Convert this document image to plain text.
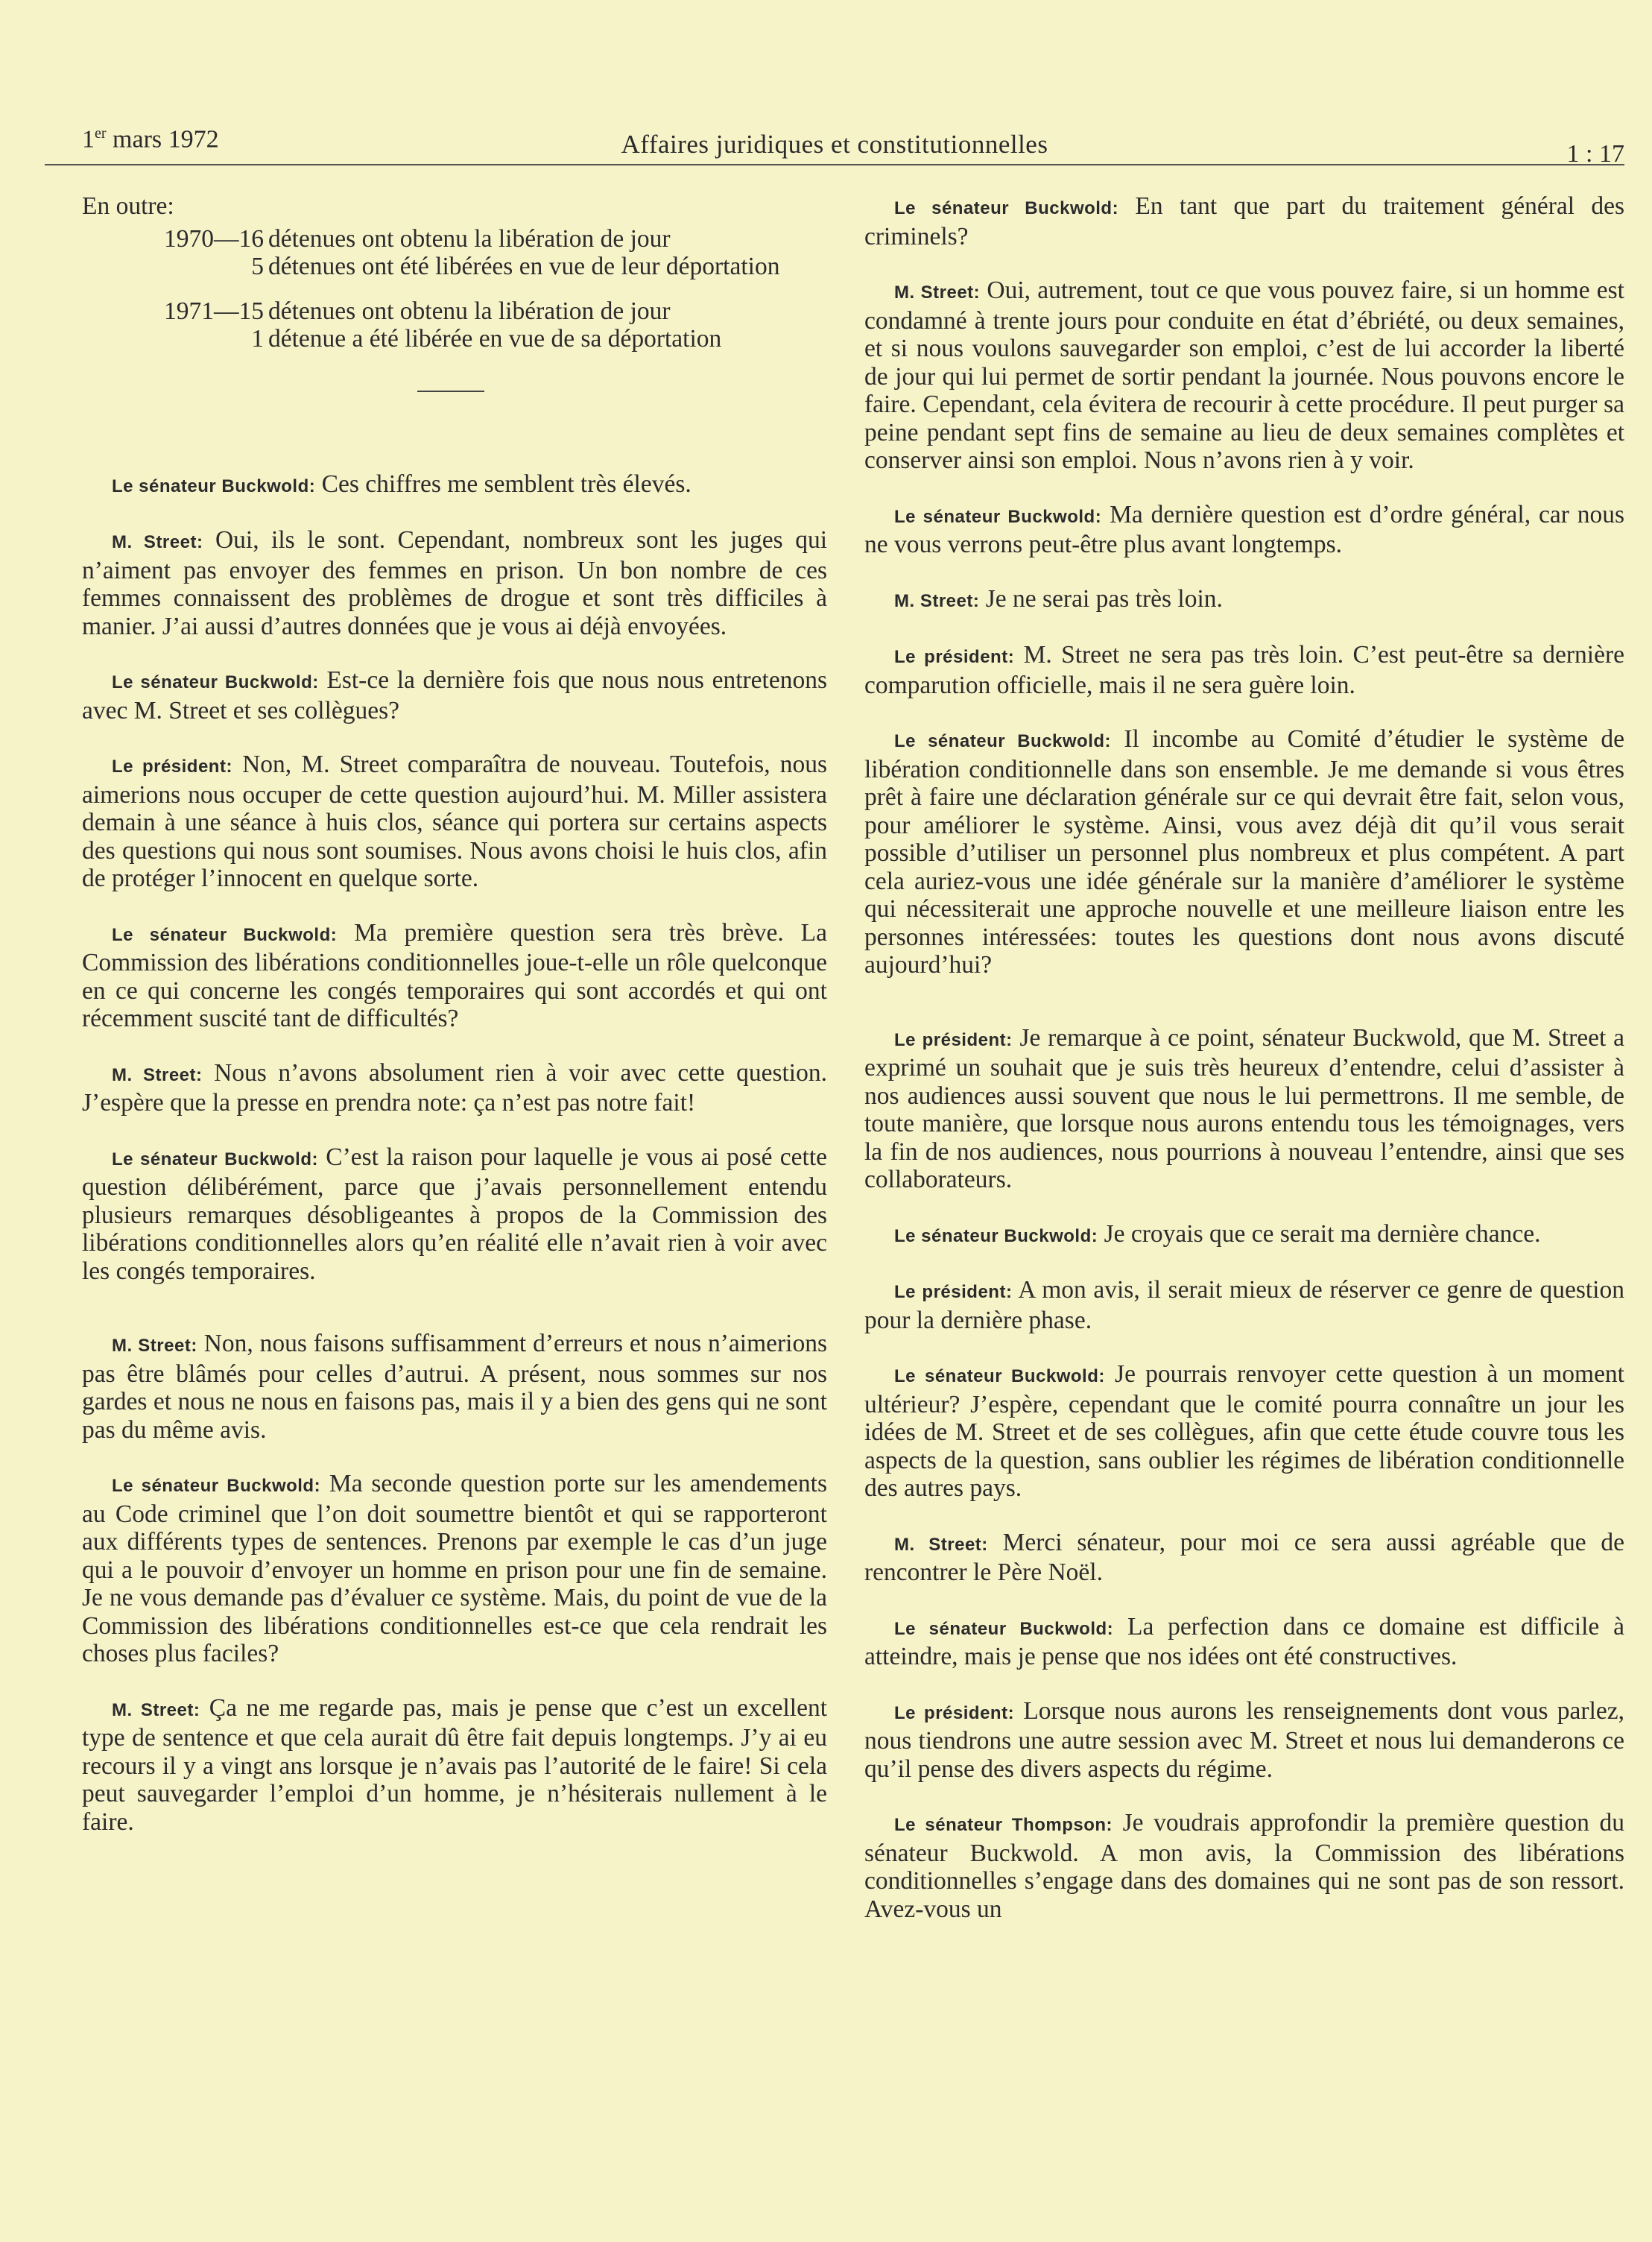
1er mars 1972	Affaires juridiques et constitutionnelles	1 : 17
En outre:
1970—16 détenues ont obtenu la libération de jour
5 détenues ont été libérées en vue de leur déportation
1971—15 détenues ont obtenu la libération de jour
1 détenue a été libérée en vue de sa déportation

Le sénateur Buckwold: Ces chiffres me semblent très élevés.

M. Street: Oui, ils le sont. Cependant, nombreux sont les juges qui n’aiment pas envoyer des femmes en prison. Un bon nombre de ces femmes connaissent des problèmes de drogue et sont très difficiles à manier. J’ai aussi d’autres données que je vous ai déjà envoyées.

Le sénateur Buckwold: Est-ce la dernière fois que nous nous entretenons avec M. Street et ses collègues?

Le président: Non, M. Street comparaîtra de nouveau. Toutefois, nous aimerions nous occuper de cette question aujourd’hui. M. Miller assistera demain à une séance à huis clos, séance qui portera sur certains aspects des questions qui nous sont soumises. Nous avons choisi le huis clos, afin de protéger l’innocent en quelque sorte.

Le sénateur Buckwold: Ma première question sera très brève. La Commission des libérations conditionnelles joue-t-elle un rôle quelconque en ce qui concerne les congés temporaires qui sont accordés et qui ont récemment suscité tant de difficultés?

M. Street: Nous n’avons absolument rien à voir avec cette question. J’espère que la presse en prendra note: ça n’est pas notre fait!

Le sénateur Buckwold: C’est la raison pour laquelle je vous ai posé cette question délibérément, parce que j’avais personnellement entendu plusieurs remarques désobligeantes à propos de la Commission des libérations conditionnelles alors qu’en réalité elle n’avait rien à voir avec les congés temporaires.

M. Street: Non, nous faisons suffisamment d’erreurs et nous n’aimerions pas être blâmés pour celles d’autrui. A présent, nous sommes sur nos gardes et nous ne nous en faisons pas, mais il y a bien des gens qui ne sont pas du même avis.

Le sénateur Buckwold: Ma seconde question porte sur les amendements au Code criminel que l’on doit soumettre bientôt et qui se rapporteront aux différents types de sentences. Prenons par exemple le cas d’un juge qui a le pouvoir d’envoyer un homme en prison pour une fin de semaine. Je ne vous demande pas d’évaluer ce système. Mais, du point de vue de la Commission des libérations conditionnelles est-ce que cela rendrait les choses plus faciles?

M. Street: Ça ne me regarde pas, mais je pense que c’est un excellent type de sentence et que cela aurait dû être fait depuis longtemps. J’y ai eu recours il y a vingt ans lorsque je n’avais pas l’autorité de le faire! Si cela peut sauvegarder l’emploi d’un homme, je n’hésiterais nullement à le faire.

Le sénateur Buckwold: En tant que part du traitement général des criminels?

M. Street: Oui, autrement, tout ce que vous pouvez faire, si un homme est condamné à trente jours pour conduite en état d’ébriété, ou deux semaines, et si nous voulons sauvegarder son emploi, c’est de lui accorder la liberté de jour qui lui permet de sortir pendant la journée. Nous pouvons encore le faire. Cependant, cela évitera de recourir à cette procédure. Il peut purger sa peine pendant sept fins de semaine au lieu de deux semaines complètes et conserver ainsi son emploi. Nous n’avons rien à y voir.

Le sénateur Buckwold: Ma dernière question est d’ordre général, car nous ne vous verrons peut-être plus avant longtemps.

M. Street: Je ne serai pas très loin.

Le président: M. Street ne sera pas très loin. C’est peut-être sa dernière comparution officielle, mais il ne sera guère loin.

Le sénateur Buckwold: Il incombe au Comité d’étudier le système de libération conditionnelle dans son ensemble. Je me demande si vous êtres prêt à faire une déclaration générale sur ce qui devrait être fait, selon vous, pour améliorer le système. Ainsi, vous avez déjà dit qu’il vous serait possible d’utiliser un personnel plus nombreux et plus compétent. A part cela auriez-vous une idée générale sur la manière d’améliorer le système qui nécessiterait une approche nouvelle et une meilleure liaison entre les personnes intéressées: toutes les questions dont nous avons discuté aujourd’hui?

Le président: Je remarque à ce point, sénateur Buckwold, que M. Street a exprimé un souhait que je suis très heureux d’entendre, celui d’assister à nos audiences aussi souvent que nous le lui permettrons. Il me semble, de toute manière, que lorsque nous aurons entendu tous les témoignages, vers la fin de nos audiences, nous pourrions à nouveau l’entendre, ainsi que ses collaborateurs.

Le sénateur Buckwold: Je croyais que ce serait ma dernière chance.

Le président: A mon avis, il serait mieux de réserver ce genre de question pour la dernière phase.

Le sénateur Buckwold: Je pourrais renvoyer cette question à un moment ultérieur? J’espère, cependant que le comité pourra connaître un jour les idées de M. Street et de ses collègues, afin que cette étude couvre tous les aspects de la question, sans oublier les régimes de libération conditionnelle des autres pays.

M. Street: Merci sénateur, pour moi ce sera aussi agréable que de rencontrer le Père Noël.

Le sénateur Buckwold: La perfection dans ce domaine est difficile à atteindre, mais je pense que nos idées ont été constructives.

Le président: Lorsque nous aurons les renseignements dont vous parlez, nous tiendrons une autre session avec M. Street et nous lui demanderons ce qu’il pense des divers aspects du régime.

Le sénateur Thompson: Je voudrais approfondir la première question du sénateur Buckwold. A mon avis, la Commission des libérations conditionnelles s’engage dans des domaines qui ne sont pas de son ressort. Avez-vous un
